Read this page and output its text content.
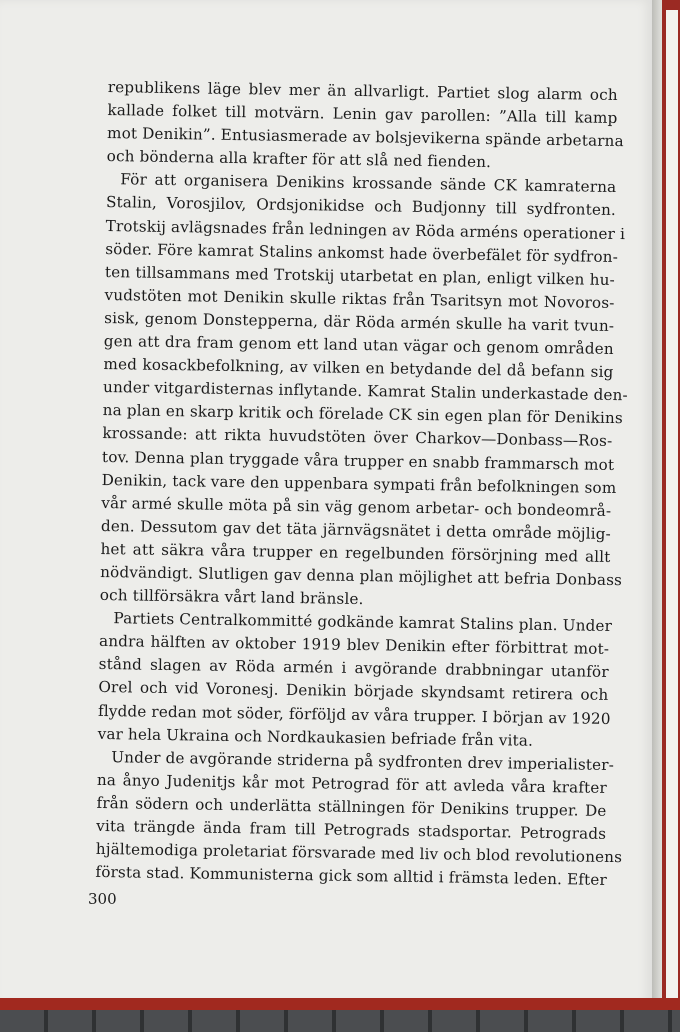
republikens läge blev mer än allvarligt. Partiet slog alarm och
kallade folket till motvärn. Lenin gav parollen: ”Alla till kamp
mot Denikin”. Entusiasmerade av bolsjevikerna spände arbetarna
och bönderna alla krafter för att slå ned fienden.
För att organisera Denikins krossande sände CK kamraterna
Stalin, Vorosjilov, Ordsjonikidse och Budjonny till sydfronten.
Trotskij avlägsnades från ledningen av Röda arméns operationer i
söder. Före kamrat Stalins ankomst hade överbefälet för sydfron-
ten tillsammans med Trotskij utarbetat en plan, enligt vilken hu-
vudstöten mot Denikin skulle riktas från Tsaritsyn mot Novoros-
sisk, genom Donstepperna, där Röda armén skulle ha varit tvun-
gen att dra fram genom ett land utan vägar och genom områden
med kosackbefolkning, av vilken en betydande del då befann sig
under vitgardisternas inflytande. Kamrat Stalin underkastade den-
na plan en skarp kritik och förelade CK sin egen plan för Denikins
krossande: att rikta huvudstöten över Charkov—Donbass—Ros-
tov. Denna plan tryggade våra trupper en snabb frammarsch mot
Denikin, tack vare den uppenbara sympati från befolkningen som
vår armé skulle möta på sin väg genom arbetar- och bondeområ-
den. Dessutom gav det täta järnvägsnätet i detta område möjlig-
het att säkra våra trupper en regelbunden försörjning med allt
nödvändigt. Slutligen gav denna plan möjlighet att befria Donbass
och tillförsäkra vårt land bränsle.
Partiets Centralkommitté godkände kamrat Stalins plan. Under
andra hälften av oktober 1919 blev Denikin efter förbittrat mot-
stånd slagen av Röda armén i avgörande drabbningar utanför
Orel och vid Voronesj. Denikin började skyndsamt retirera och
flydde redan mot söder, förföljd av våra trupper. I början av 1920
var hela Ukraina och Nordkaukasien befriade från vita.
Under de avgörande striderna på sydfronten drev imperialister-
na ånyo Judenitjs kår mot Petrograd för att avleda våra krafter
från södern och underlätta ställningen för Denikins trupper. De
vita trängde ända fram till Petrograds stadsportar. Petrograds
hjältemodiga proletariat försvarade med liv och blod revolutionens
första stad. Kommunisterna gick som alltid i främsta leden. Efter
300
